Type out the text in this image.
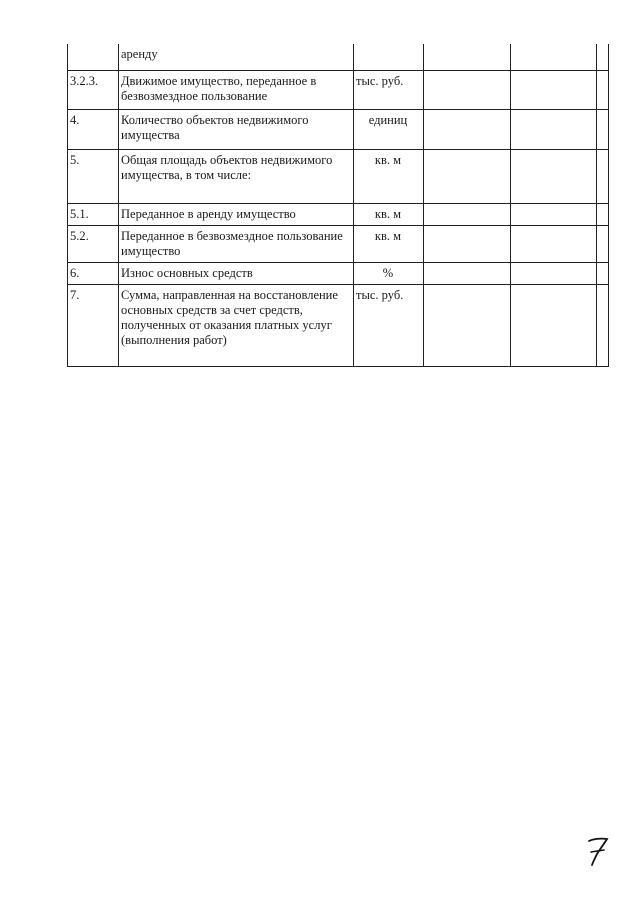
	аренду				
3.2.3.	Движимое имущество, переданное в безвозмездное пользование	тыс. руб.			
4.	Количество объектов недвижимого имущества	единиц			
5.	Общая площадь объектов недвижимого имущества, в том числе:	кв. м			
5.1.	Переданное в аренду имущество	кв. м			
5.2.	Переданное в безвозмездное пользование имущество	кв. м			
6.	Износ основных средств	%			
7.	Сумма, направленная на восстановление основных средств за счет средств, полученных от оказания платных услуг (выполнения работ)	тыс. руб.			
